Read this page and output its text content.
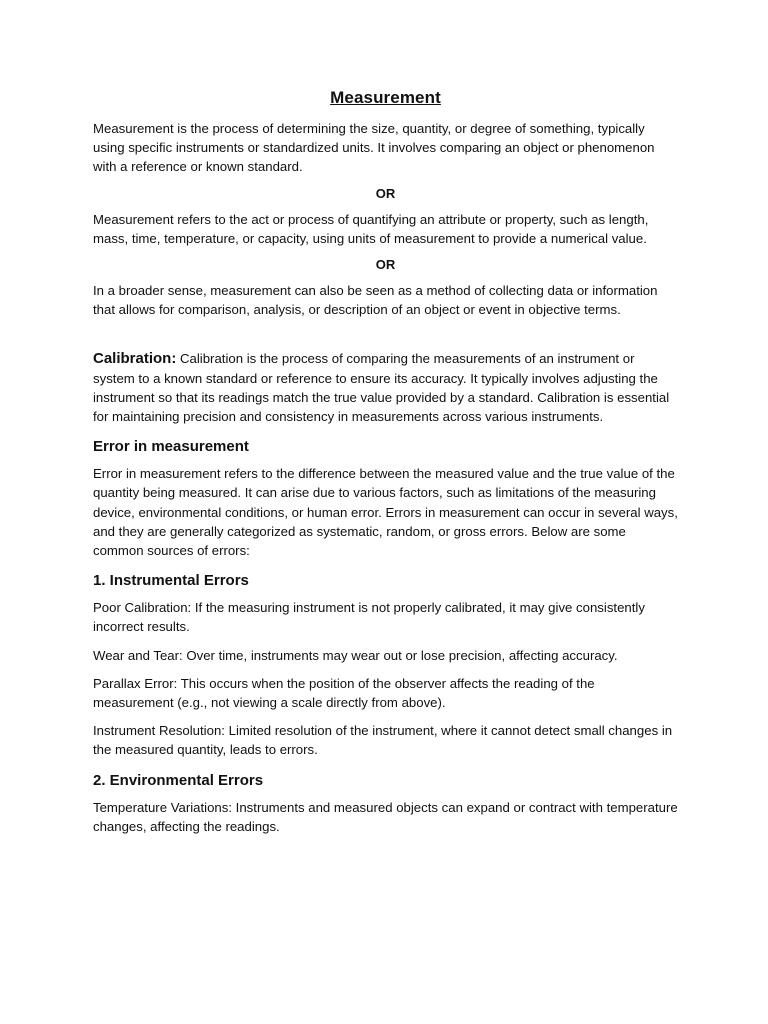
Measurement

Measurement is the process of determining the size, quantity, or degree of something, typically using specific instruments or standardized units. It involves comparing an object or phenomenon with a reference or known standard.

OR

Measurement refers to the act or process of quantifying an attribute or property, such as length, mass, time, temperature, or capacity, using units of measurement to provide a numerical value.

OR

In a broader sense, measurement can also be seen as a method of collecting data or information that allows for comparison, analysis, or description of an object or event in objective terms.

Calibration: Calibration is the process of comparing the measurements of an instrument or system to a known standard or reference to ensure its accuracy. It typically involves adjusting the instrument so that its readings match the true value provided by a standard. Calibration is essential for maintaining precision and consistency in measurements across various instruments.

Error in measurement

Error in measurement refers to the difference between the measured value and the true value of the quantity being measured. It can arise due to various factors, such as limitations of the measuring device, environmental conditions, or human error. Errors in measurement can occur in several ways, and they are generally categorized as systematic, random, or gross errors. Below are some common sources of errors:

1. Instrumental Errors

Poor Calibration: If the measuring instrument is not properly calibrated, it may give consistently incorrect results.

Wear and Tear: Over time, instruments may wear out or lose precision, affecting accuracy.

Parallax Error: This occurs when the position of the observer affects the reading of the measurement (e.g., not viewing a scale directly from above).

Instrument Resolution: Limited resolution of the instrument, where it cannot detect small changes in the measured quantity, leads to errors.

2. Environmental Errors

Temperature Variations: Instruments and measured objects can expand or contract with temperature changes, affecting the readings.
